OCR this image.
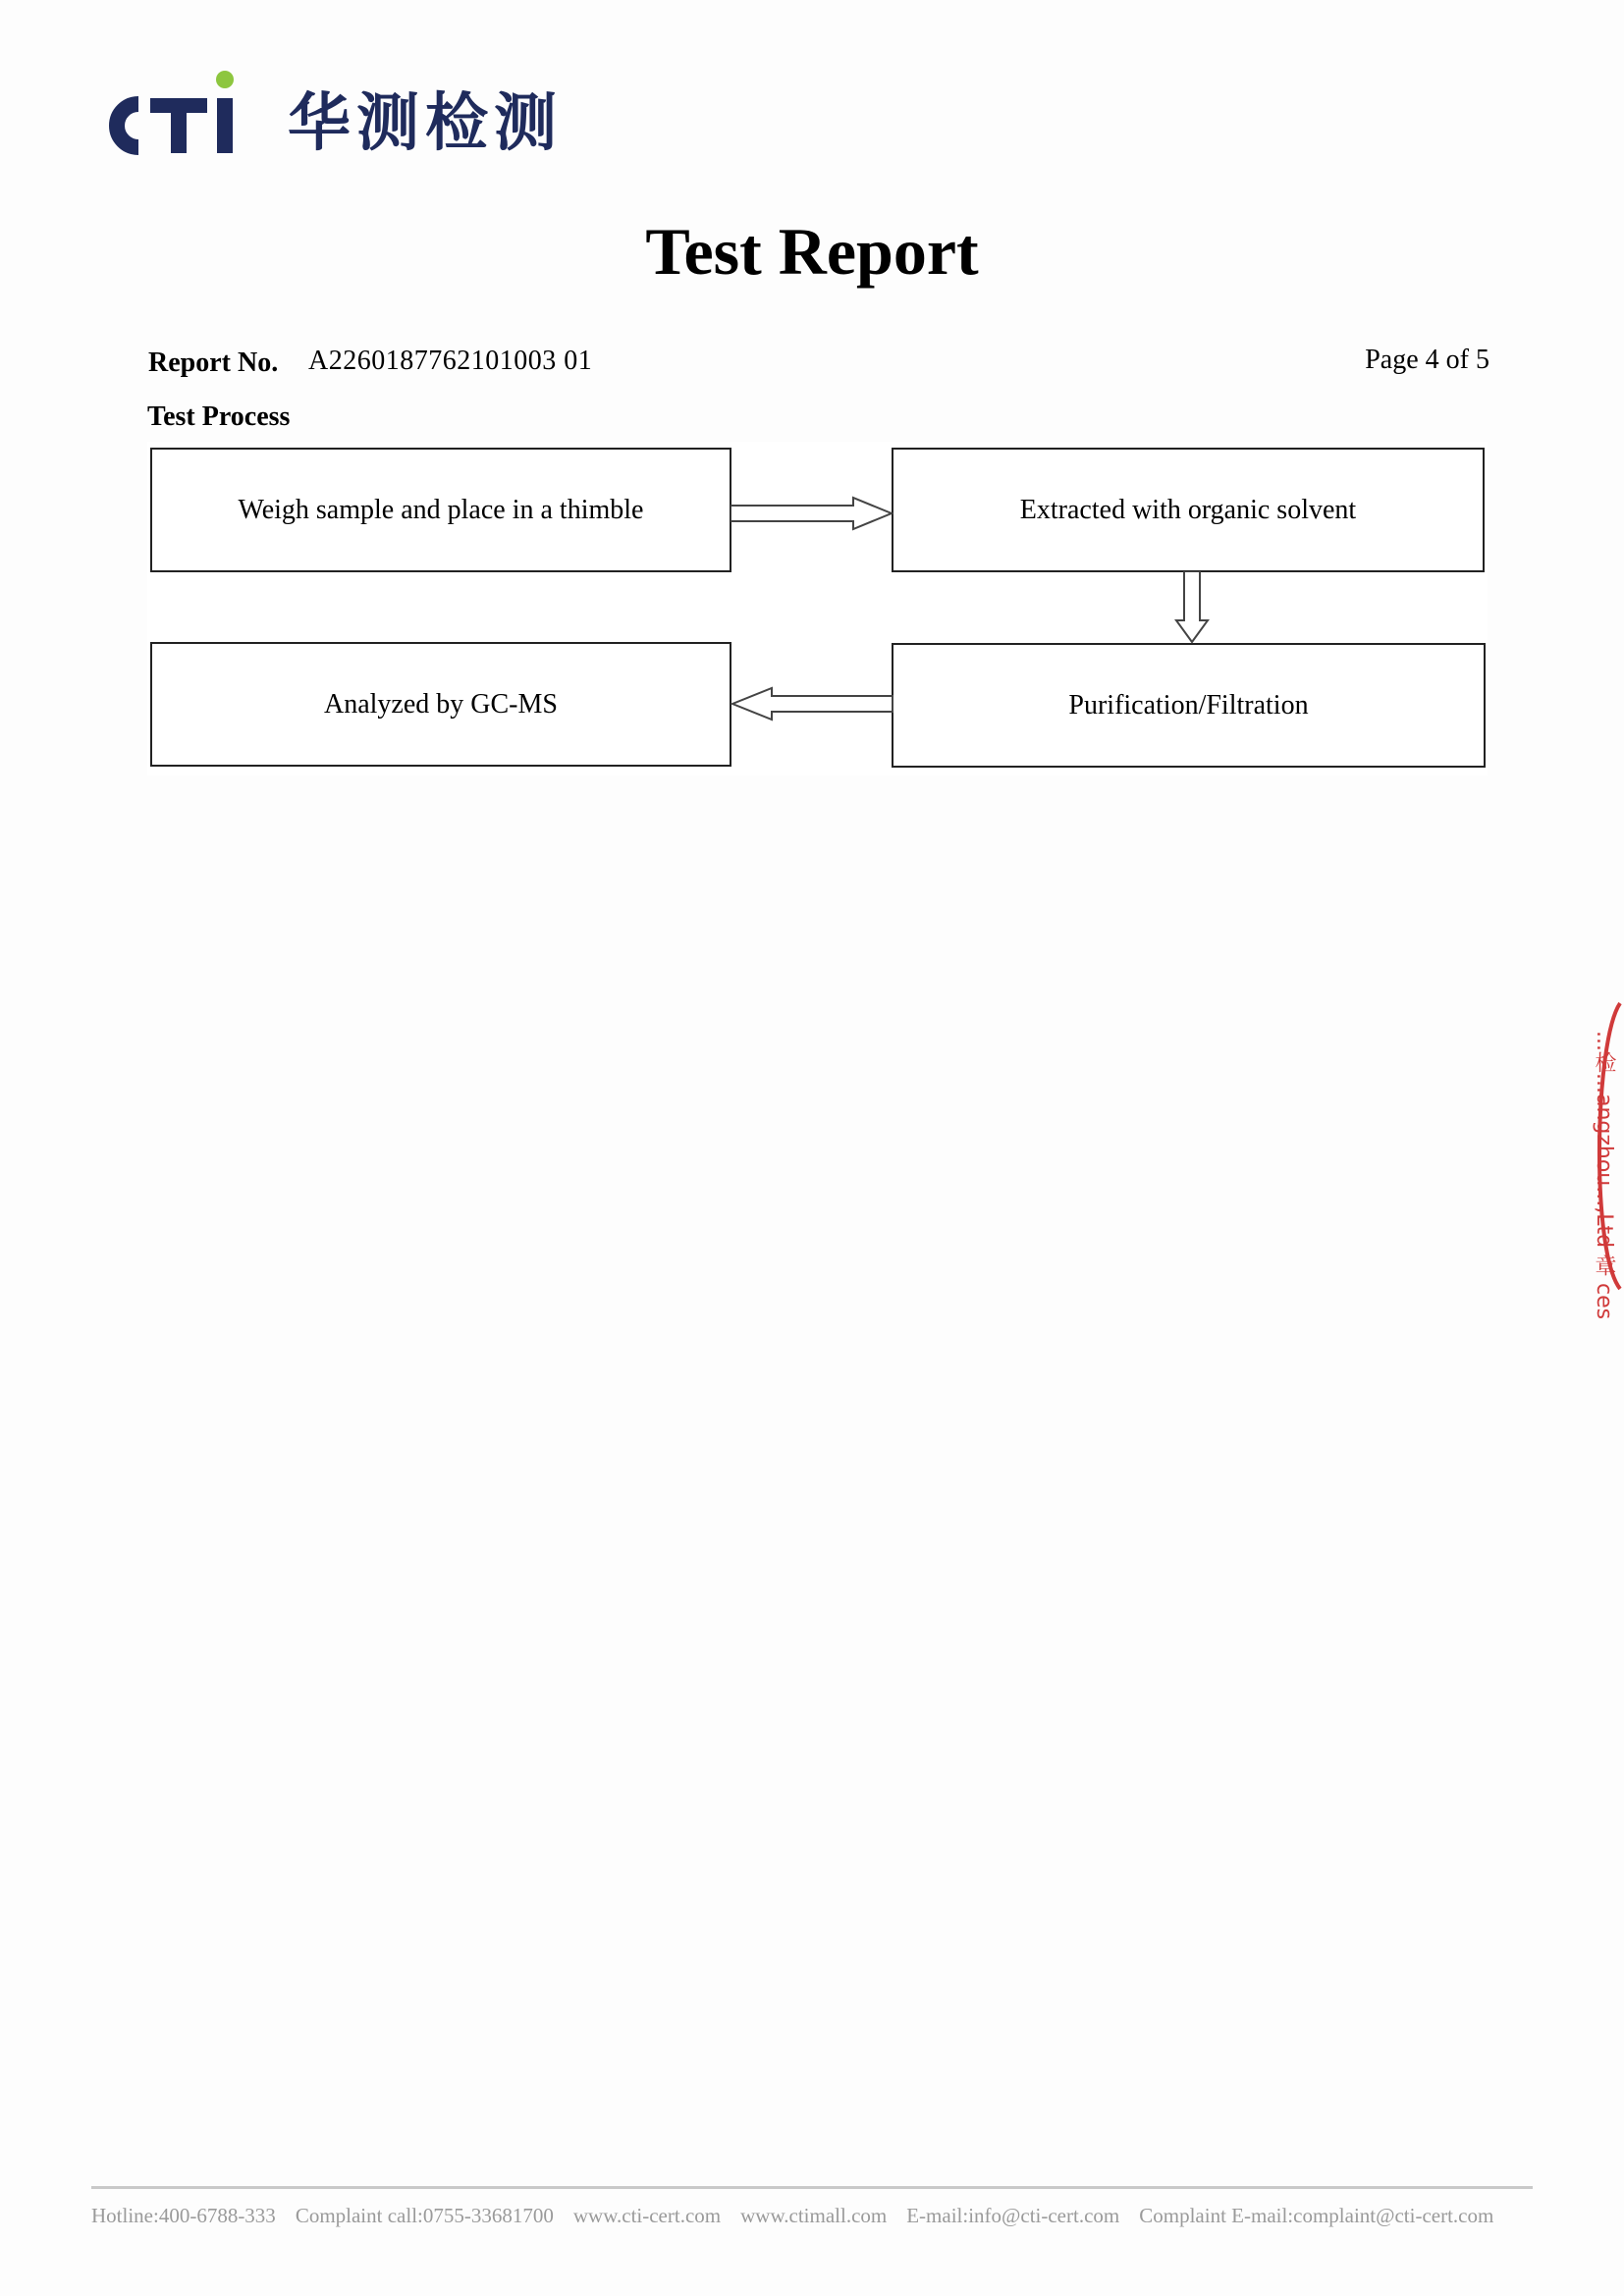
华测检测
Test Report
Report No. A2260187762101003 01	Page 4 of 5
Test Process
Weigh sample and place in a thimble	Extracted with organic solvent
Purification/Filtration
Analyzed by GC-MS
...检...angzhou...,Ltd 章 ces
Hotline:400-6788-333 Complaint call:0755-33681700 www.cti-cert.com www.ctimall.com E-mail:info@cti-cert.com Complaint E-mail:complaint@cti-cert.com
